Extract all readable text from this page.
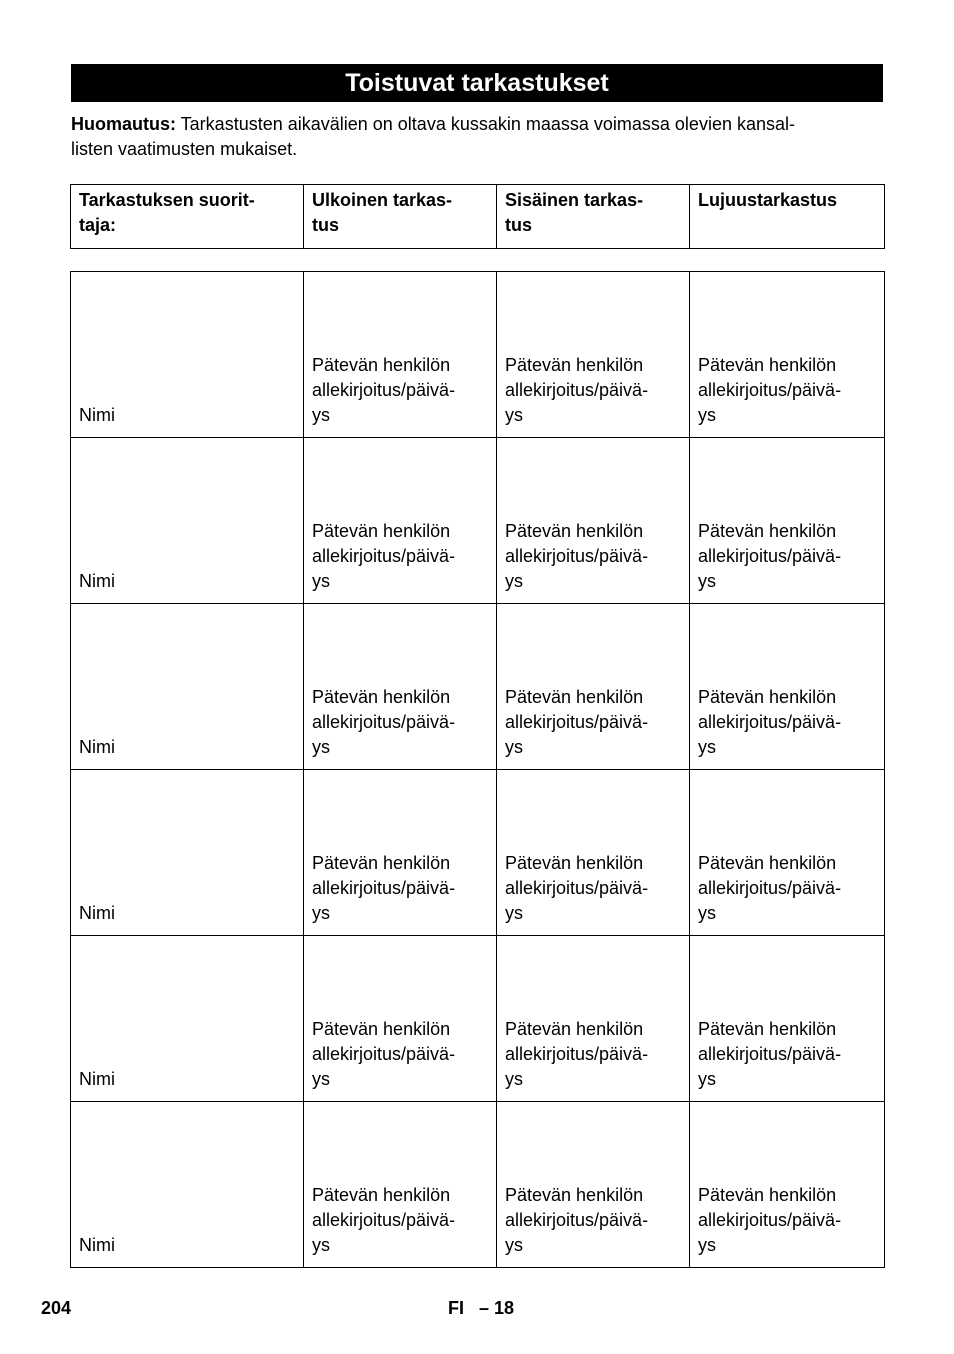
Toistuvat tarkastukset
Huomautus: Tarkastusten aikavälien on oltava kussakin maassa voimassa olevien kansal-
listen vaatimusten mukaiset.
Tarkastuksen suorit-
taja:	Ulkoinen tarkas-
tus	Sisäinen tarkas-
tus	Lujuustarkastus
Nimi	Pätevän henkilön
allekirjoitus/päivä-
ys	Pätevän henkilön
allekirjoitus/päivä-
ys	Pätevän henkilön
allekirjoitus/päivä-
ys
Nimi	Pätevän henkilön
allekirjoitus/päivä-
ys	Pätevän henkilön
allekirjoitus/päivä-
ys	Pätevän henkilön
allekirjoitus/päivä-
ys
Nimi	Pätevän henkilön
allekirjoitus/päivä-
ys	Pätevän henkilön
allekirjoitus/päivä-
ys	Pätevän henkilön
allekirjoitus/päivä-
ys
Nimi	Pätevän henkilön
allekirjoitus/päivä-
ys	Pätevän henkilön
allekirjoitus/päivä-
ys	Pätevän henkilön
allekirjoitus/päivä-
ys
Nimi	Pätevän henkilön
allekirjoitus/päivä-
ys	Pätevän henkilön
allekirjoitus/päivä-
ys	Pätevän henkilön
allekirjoitus/päivä-
ys
Nimi	Pätevän henkilön
allekirjoitus/päivä-
ys	Pätevän henkilön
allekirjoitus/päivä-
ys	Pätevän henkilön
allekirjoitus/päivä-
ys
204	FI   – 18
